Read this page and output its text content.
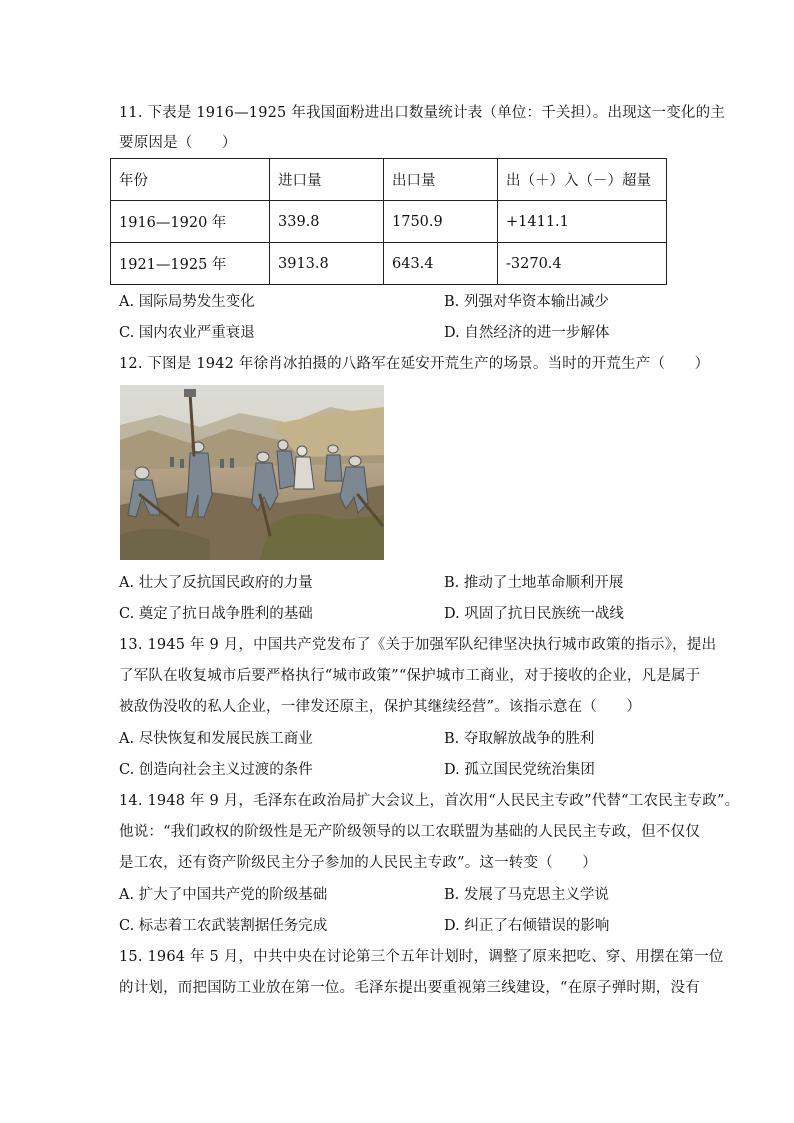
11. 下表是 1916—1925 年我国面粉进出口数量统计表（单位：千关担）。出现这一变化的主
要原因是（　　）
年份	进口量	出口量	出（＋）入（－）超量
1916—1920 年	339.8	1750.9	+1411.1
1921—1925 年	3913.8	643.4	-3270.4
A. 国际局势发生变化	B. 列强对华资本输出减少
C. 国内农业严重衰退	D. 自然经济的进一步解体
12. 下图是 1942 年徐肖冰拍摄的八路军在延安开荒生产的场景。当时的开荒生产（　　）
A. 壮大了反抗国民政府的力量	B. 推动了土地革命顺利开展
C. 奠定了抗日战争胜利的基础	D. 巩固了抗日民族统一战线
13. 1945 年 9 月，中国共产党发布了《关于加强军队纪律坚决执行城市政策的指示》，提出
了军队在收复城市后要严格执行“城市政策”“保护城市工商业，对于接收的企业，凡是属于
被敌伪没收的私人企业，一律发还原主，保护其继续经营”。该指示意在（　　）
A. 尽快恢复和发展民族工商业	B. 夺取解放战争的胜利
C. 创造向社会主义过渡的条件	D. 孤立国民党统治集团
14. 1948 年 9 月，毛泽东在政治局扩大会议上，首次用“人民民主专政”代替“工农民主专政”。
他说：“我们政权的阶级性是无产阶级领导的以工农联盟为基础的人民民主专政，但不仅仅
是工农，还有资产阶级民主分子参加的人民民主专政”。这一转变（　　）
A. 扩大了中国共产党的阶级基础	B. 发展了马克思主义学说
C. 标志着工农武装割据任务完成	D. 纠正了右倾错误的影响
15. 1964 年 5 月，中共中央在讨论第三个五年计划时，调整了原来把吃、穿、用摆在第一位
的计划，而把国防工业放在第一位。毛泽东提出要重视第三线建设，“在原子弹时期，没有
